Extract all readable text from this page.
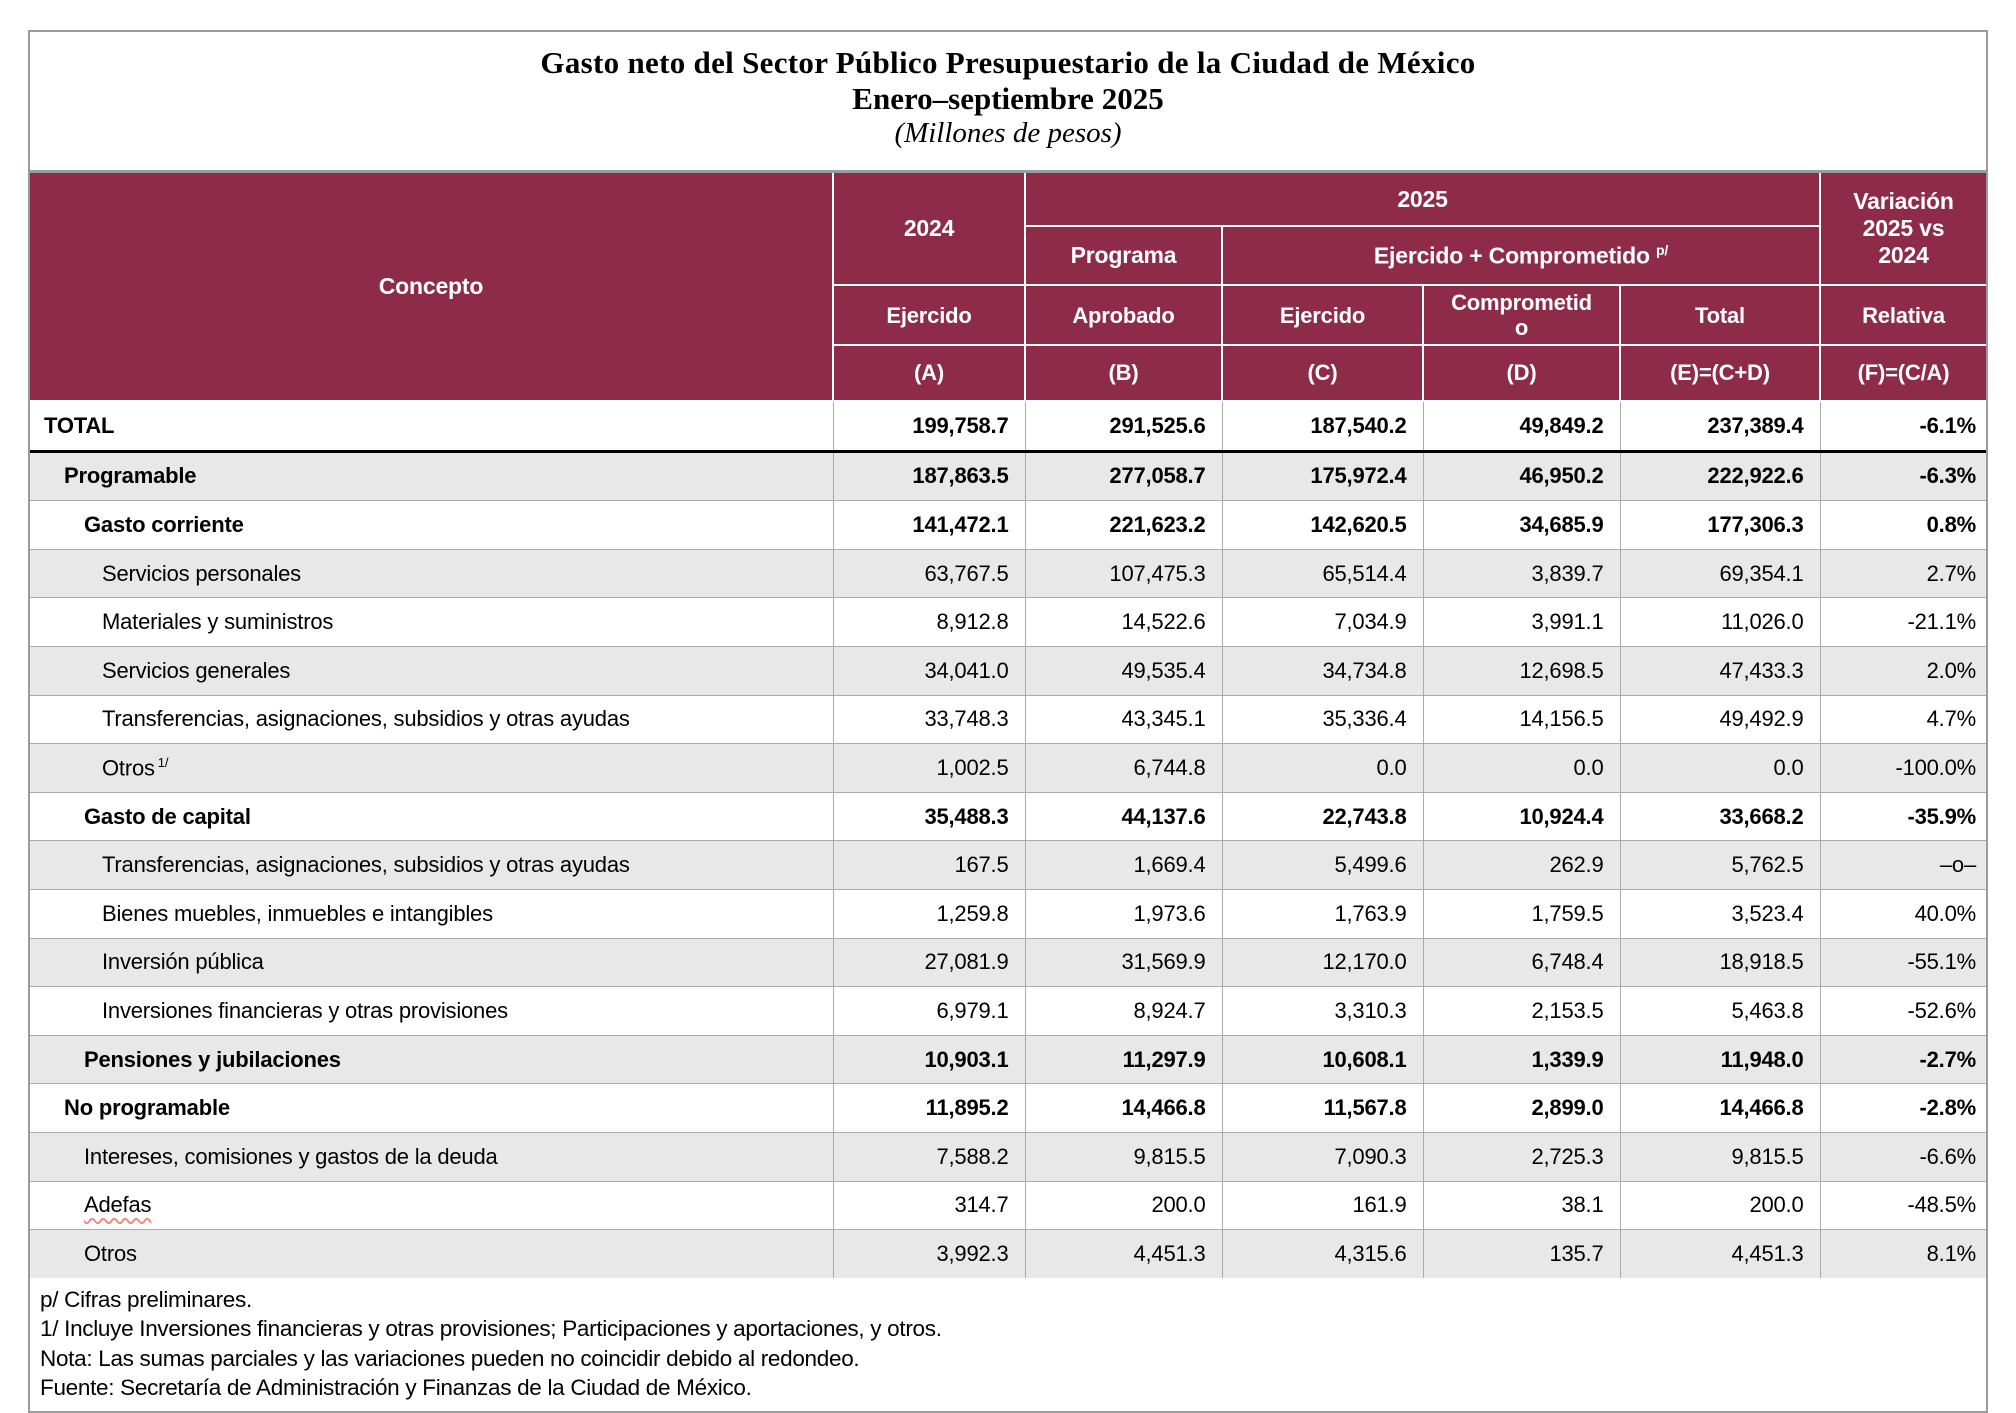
Gasto neto del Sector Público Presupuestario de la Ciudad de México
Enero–septiembre 2025
(Millones de pesos)
Concepto	2024	2025				Variación 2025 vs 2024
		Programa	Ejercido + Comprometido $^{p/}$
	Ejercido	Aprobado	Ejercido	Comprometido	Total	Relativa
	(A)	(B)	(C)	(D)	(E)=(C+D)	(F)=(C/A)
TOTAL	199,758.7	291,525.6	187,540.2	49,849.2	237,389.4	-6.1%
Programable	187,863.5	277,058.7	175,972.4	46,950.2	222,922.6	-6.3%
Gasto corriente	141,472.1	221,623.2	142,620.5	34,685.9	177,306.3	0.8%
Servicios personales	63,767.5	107,475.3	65,514.4	3,839.7	69,354.1	2.7%
Materiales y suministros	8,912.8	14,522.6	7,034.9	3,991.1	11,026.0	-21.1%
Servicios generales	34,041.0	49,535.4	34,734.8	12,698.5	47,433.3	2.0%
Transferencias, asignaciones, subsidios y otras ayudas	33,748.3	43,345.1	35,336.4	14,156.5	49,492.9	4.7%
Otros $^{1/}$	1,002.5	6,744.8	0.0	0.0	0.0	-100.0%
Gasto de capital	35,488.3	44,137.6	22,743.8	10,924.4	33,668.2	-35.9%
Transferencias, asignaciones, subsidios y otras ayudas	167.5	1,669.4	5,499.6	262.9	5,762.5	–o–
Bienes muebles, inmuebles e intangibles	1,259.8	1,973.6	1,763.9	1,759.5	3,523.4	40.0%
Inversión pública	27,081.9	31,569.9	12,170.0	6,748.4	18,918.5	-55.1%
Inversiones financieras y otras provisiones	6,979.1	8,924.7	3,310.3	2,153.5	5,463.8	-52.6%
Pensiones y jubilaciones	10,903.1	11,297.9	10,608.1	1,339.9	11,948.0	-2.7%
No programable	11,895.2	14,466.8	11,567.8	2,899.0	14,466.8	-2.8%
Intereses, comisiones y gastos de la deuda	7,588.2	9,815.5	7,090.3	2,725.3	9,815.5	-6.6%
Adefas	314.7	200.0	161.9	38.1	200.0	-48.5%
Otros	3,992.3	4,451.3	4,315.6	135.7	4,451.3	8.1%
p/ Cifras preliminares.
1/ Incluye Inversiones financieras y otras provisiones; Participaciones y aportaciones, y otros.
Nota: Las sumas parciales y las variaciones pueden no coincidir debido al redondeo.
Fuente: Secretaría de Administración y Finanzas de la Ciudad de México.
